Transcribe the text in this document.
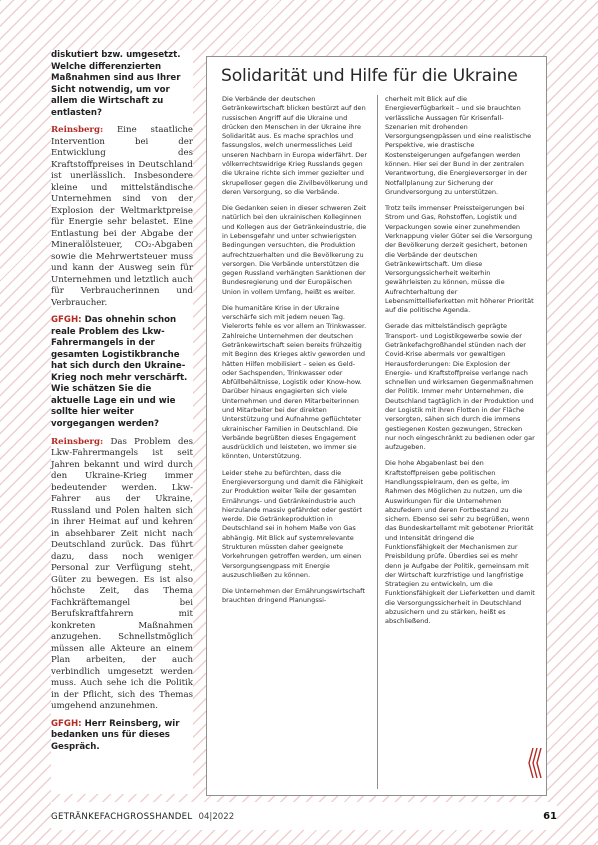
diskutiert bzw. umgesetzt. Welche differenzierten Maßnahmen sind aus Ihrer Sicht notwendig, um vor allem die Wirtschaft zu entlasten?

Reinsberg: Eine staatliche Intervention bei der Entwicklung des Kraftstoffpreises in Deutschland ist unerlässlich. Insbesondere kleine und mittelständische Unternehmen sind von der Explosion der Weltmarktpreise für Energie sehr belastet. Eine Entlastung bei der Abgabe der Mineralölsteuer, CO₂-Abgaben sowie die Mehrwertsteuer muss und kann der Ausweg sein für Unternehmen und letztlich auch für Verbraucherinnen und Verbraucher.

GFGH: Das ohnehin schon reale Problem des Lkw-Fahrermangels in der gesamten Logistikbranche hat sich durch den Ukraine-Krieg noch mehr verschärft. Wie schätzen Sie die aktuelle Lage ein und wie sollte hier weiter vorgegangen werden?

Reinsberg: Das Problem des Lkw-Fahrermangels ist seit Jahren bekannt und wird durch den Ukraine-Krieg immer bedeutender werden. Lkw-Fahrer aus der Ukraine, Russland und Polen halten sich in ihrer Heimat auf und kehren in absehbarer Zeit nicht nach Deutschland zurück. Das führt dazu, dass noch weniger Personal zur Verfügung steht, Güter zu bewegen. Es ist also höchste Zeit, das Thema Fachkräftemangel bei Berufskraftfahrern mit konkreten Maßnahmen anzugehen. Schnellstmöglich müssen alle Akteure an einem Plan arbeiten, der auch verbindlich umgesetzt werden muss. Auch sehe ich die Politik in der Pflicht, sich des Themas umgehend anzunehmen.

GFGH: Herr Reinsberg, wir bedanken uns für dieses Gespräch.

Solidarität und Hilfe für die Ukraine

Die Verbände der deutschen Getränkewirtschaft blicken bestürzt auf den russischen Angriff auf die Ukraine und drücken den Menschen in der Ukraine ihre Solidarität aus. Es mache sprachlos und fassungslos, welch unermessliches Leid unseren Nachbarn in Europa widerfährt. Der völkerrechtswidrige Krieg Russlands gegen die Ukraine richte sich immer gezielter und skrupelloser gegen die Zivilbevölkerung und deren Versorgung, so die Verbände.

Die Gedanken seien in dieser schweren Zeit natürlich bei den ukrainischen Kolleginnen und Kollegen aus der Getränkeindustrie, die in Lebensgefahr und unter schwierigsten Bedingungen versuchten, die Produktion aufrechtzuerhalten und die Bevölkerung zu versorgen. Die Verbände unterstützen die gegen Russland verhängten Sanktionen der Bundesregierung und der Europäischen Union in vollem Umfang, heißt es weiter.

Die humanitäre Krise in der Ukraine verschärfe sich mit jedem neuen Tag. Vielerorts fehle es vor allem an Trinkwasser. Zahlreiche Unternehmen der deutschen Getränkewirtschaft seien bereits frühzeitig mit Beginn des Krieges aktiv geworden und hätten Hilfen mobilisiert – seien es Geld- oder Sachspenden, Trinkwasser oder Abfüllbehältnisse, Logistik oder Know-how. Darüber hinaus engagierten sich viele Unternehmen und deren Mitarbeiterinnen und Mitarbeiter bei der direkten Unterstützung und Aufnahme geflüchteter ukrainischer Familien in Deutschland. Die Verbände begrüßten dieses Engagement ausdrücklich und leisteten, wo immer sie könnten, Unterstützung.

Leider stehe zu befürchten, dass die Energieversorgung und damit die Fähigkeit zur Produktion weiter Teile der gesamten Ernährungs- und Getränkeindustrie auch hierzulande massiv gefährdet oder gestört werde. Die Getränkeproduktion in Deutschland sei in hohem Maße von Gas abhängig. Mit Blick auf systemrelevante Strukturen müssten daher geeignete Vorkehrungen getroffen werden, um einen Versorgungsengpass mit Energie auszuschließen zu können.

Die Unternehmen der Ernährungswirtschaft brauchten dringend Planungssi-

cherheit mit Blick auf die Energieverfügbarkeit – und sie brauchten verlässliche Aussagen für Krisenfall-Szenarien mit drohenden Versorgungsengpässen und eine realistische Perspektive, wie drastische Kostensteigerungen aufgefangen werden können. Hier sei der Bund in der zentralen Verantwortung, die Energieversorger in der Notfallplanung zur Sicherung der Grundversorgung zu unterstützen.

Trotz teils immenser Preissteigerungen bei Strom und Gas, Rohstoffen, Logistik und Verpackungen sowie einer zunehmenden Verknappung vieler Güter sei die Versorgung der Bevölkerung derzeit gesichert, betonen die Verbände der deutschen Getränkewirtschaft. Um diese Versorgungssicherheit weiterhin gewährleisten zu können, müsse die Aufrechterhaltung der Lebensmittellieferketten mit höherer Priorität auf die politische Agenda.

Gerade das mittelständisch geprägte Transport- und Logistikgewerbe sowie der Getränkefachgroßhandel stünden nach der Covid-Krise abermals vor gewaltigen Herausforderungen: Die Explosion der Energie- und Kraftstoffpreise verlange nach schnellen und wirksamen Gegenmaßnahmen der Politik. Immer mehr Unternehmen, die Deutschland tagtäglich in der Produktion und der Logistik mit ihren Flotten in der Fläche versorgten, sähen sich durch die immens gestiegenen Kosten gezwungen, Strecken nur noch eingeschränkt zu bedienen oder gar aufzugeben.

Die hohe Abgabenlast bei den Kraftstoffpreisen gebe politischen Handlungsspielraum, den es gelte, im Rahmen des Möglichen zu nutzen, um die Auswirkungen für die Unternehmen abzufedern und deren Fortbestand zu sichern. Ebenso sei sehr zu begrüßen, wenn das Bundeskartellamt mit gebotener Priorität und Intensität dringend die Funktionsfähigkeit der Mechanismen zur Preisbildung prüfe. Überdies sei es mehr denn je Aufgabe der Politik, gemeinsam mit der Wirtschaft kurzfristige und langfristige Strategien zu entwickeln, um die Funktionsfähigkeit der Lieferketten und damit die Versorgungssicherheit in Deutschland abzusichern und zu stärken, heißt es abschließend.

GETRÄNKEFACHGROSSHANDEL 04|2022	61
